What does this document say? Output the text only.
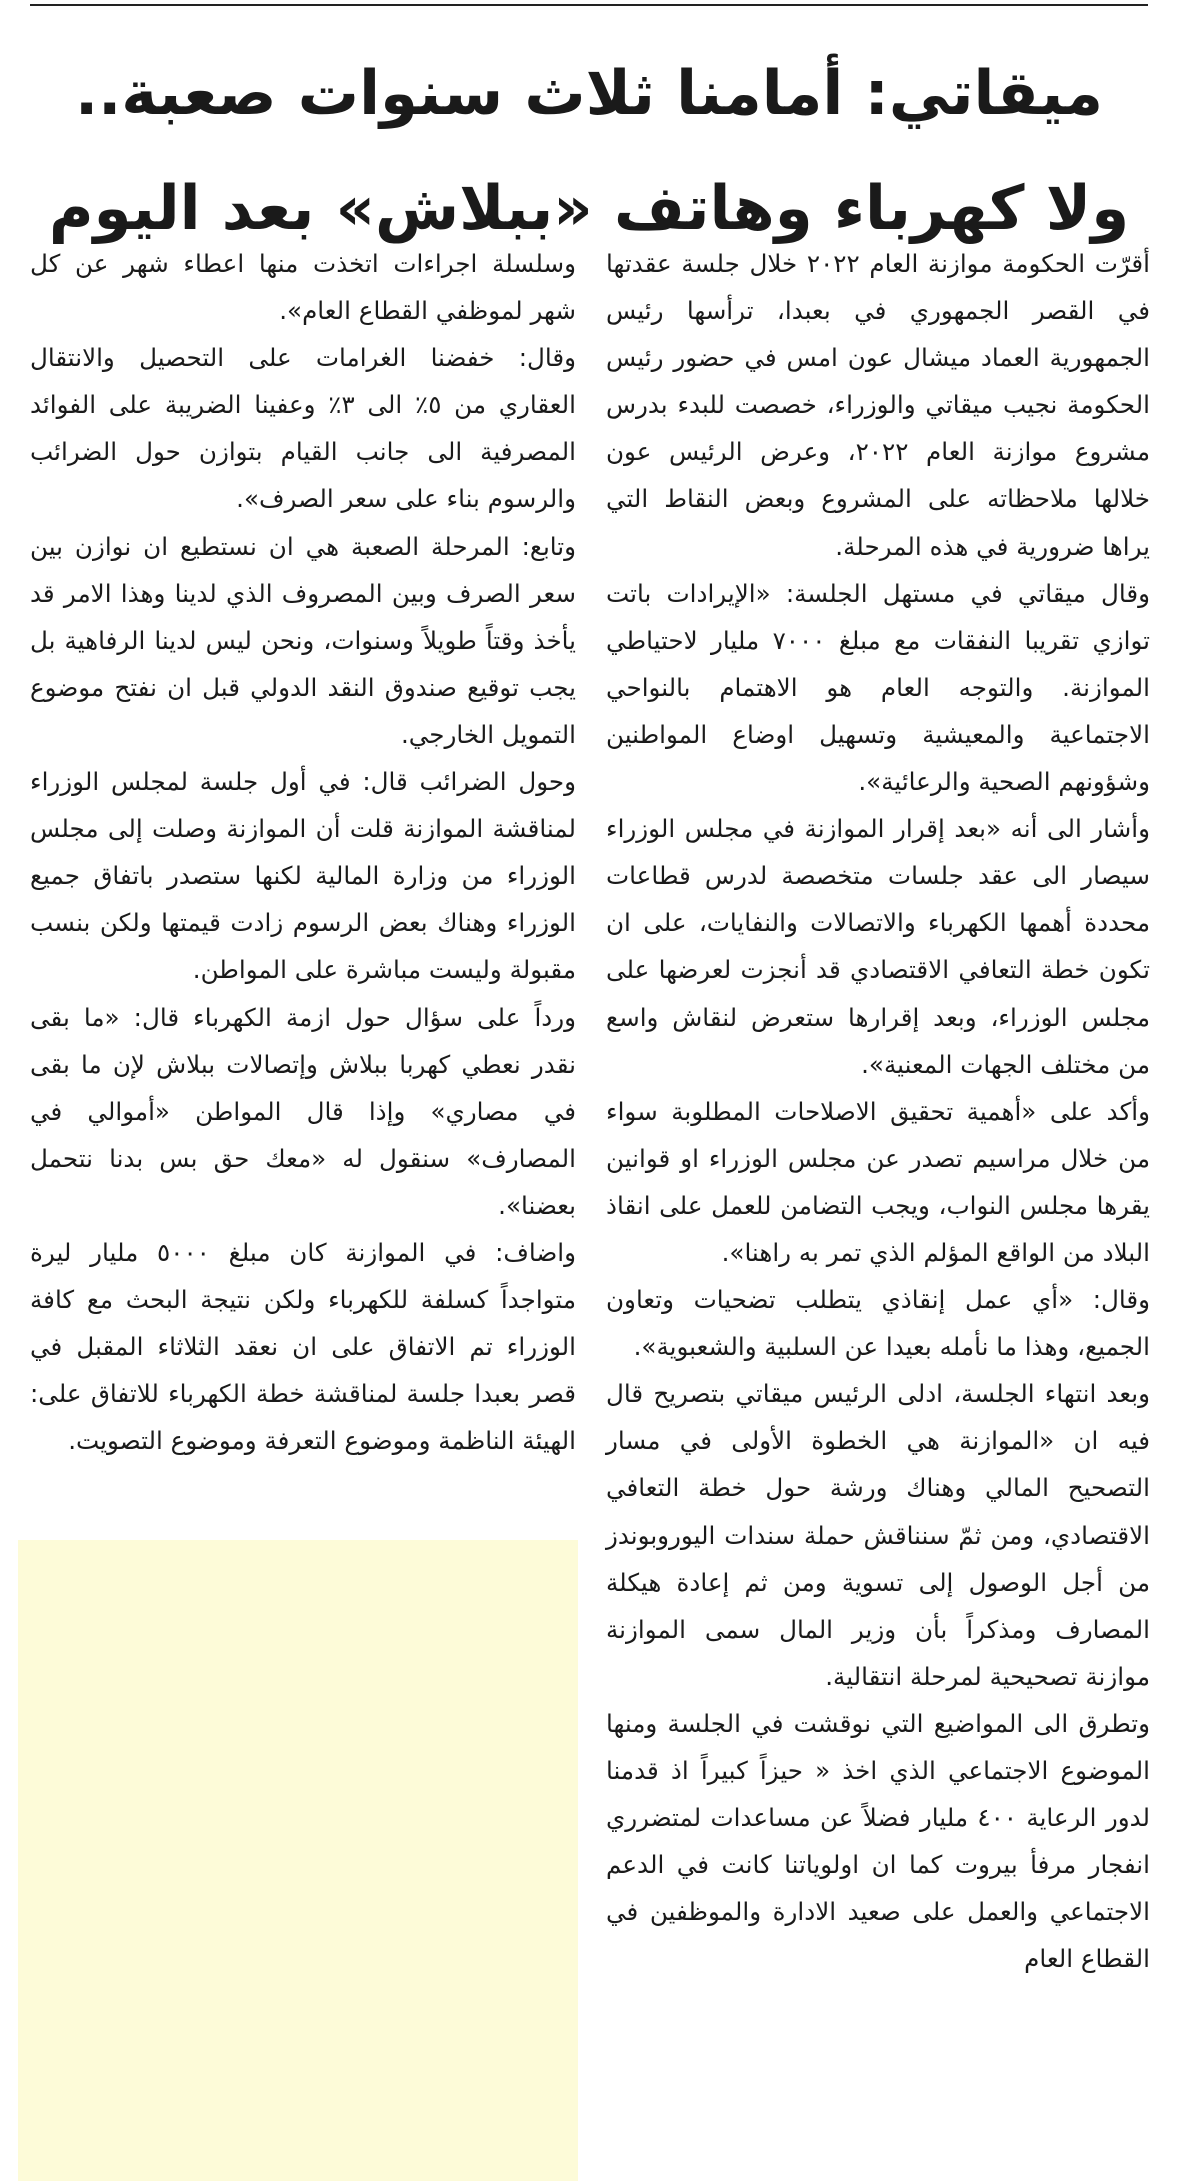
ميقاتي: أمامنا ثلاث سنوات صعبة..
ولا كهرباء وهاتف «ببلاش» بعد اليوم

أقرّت الحكومة موازنة العام ٢٠٢٢ خلال جلسة عقدتها في القصر الجمهوري في بعبدا، ترأسها رئيس الجمهورية العماد ميشال عون امس في حضور رئيس الحكومة نجيب ميقاتي والوزراء، خصصت للبدء بدرس مشروع موازنة العام ٢٠٢٢، وعرض الرئيس عون خلالها ملاحظاته على المشروع وبعض النقاط التي يراها ضرورية في هذه المرحلة.

وقال ميقاتي في مستهل الجلسة: «الإيرادات باتت توازي تقريبا النفقات مع مبلغ ٧٠٠٠ مليار لاحتياطي الموازنة. والتوجه العام هو الاهتمام بالنواحي الاجتماعية والمعيشية وتسهيل اوضاع المواطنين وشؤونهم الصحية والرعائية».

وأشار الى أنه «بعد إقرار الموازنة في مجلس الوزراء سيصار الى عقد جلسات متخصصة لدرس قطاعات محددة أهمها الكهرباء والاتصالات والنفايات، على ان تكون خطة التعافي الاقتصادي قد أنجزت لعرضها على مجلس الوزراء، وبعد إقرارها ستعرض لنقاش واسع من مختلف الجهات المعنية».

وأكد على «أهمية تحقيق الاصلاحات المطلوبة سواء من خلال مراسيم تصدر عن مجلس الوزراء او قوانين يقرها مجلس النواب، ويجب التضامن للعمل على انقاذ البلاد من الواقع المؤلم الذي تمر به راهنا».

وقال: «أي عمل إنقاذي يتطلب تضحيات وتعاون الجميع، وهذا ما نأمله بعيدا عن السلبية والشعبوية».

وبعد انتهاء الجلسة، ادلى الرئيس ميقاتي بتصريح قال فيه ان «الموازنة هي الخطوة الأولى في مسار التصحيح المالي وهناك ورشة حول خطة التعافي الاقتصادي، ومن ثمّ سنناقش حملة سندات اليوروبوندز من أجل الوصول إلى تسوية ومن ثم إعادة هيكلة المصارف ومذكراً بأن وزير المال سمى الموازنة موازنة تصحيحية لمرحلة انتقالية.

وتطرق الى المواضيع التي نوقشت في الجلسة ومنها الموضوع الاجتماعي الذي اخذ « حيزاً كبيراً اذ قدمنا لدور الرعاية ٤٠٠ مليار فضلاً عن مساعدات لمتضرري انفجار مرفأ بيروت كما ان اولوياتنا كانت في الدعم الاجتماعي والعمل على صعيد الادارة والموظفين في القطاع العام

وسلسلة اجراءات اتخذت منها اعطاء شهر عن كل شهر لموظفي القطاع العام».

وقال: خفضنا الغرامات على التحصيل والانتقال العقاري من ٥٪ الى ٣٪ وعفينا الضريبة على الفوائد المصرفية الى جانب القيام بتوازن حول الضرائب والرسوم بناء على سعر الصرف».

وتابع: المرحلة الصعبة هي ان نستطيع ان نوازن بين سعر الصرف وبين المصروف الذي لدينا وهذا الامر قد يأخذ وقتاً طويلاً وسنوات، ونحن ليس لدينا الرفاهية بل يجب توقيع صندوق النقد الدولي قبل ان نفتح موضوع التمويل الخارجي.

وحول الضرائب قال: في أول جلسة لمجلس الوزراء لمناقشة الموازنة قلت أن الموازنة وصلت إلى مجلس الوزراء من وزارة المالية لكنها ستصدر باتفاق جميع الوزراء وهناك بعض الرسوم زادت قيمتها ولكن بنسب مقبولة وليست مباشرة على المواطن.

ورداً على سؤال حول ازمة الكهرباء قال: «ما بقى نقدر نعطي كهربا ببلاش وإتصالات ببلاش لإن ما بقى في مصاري» وإذا قال المواطن «أموالي في المصارف» سنقول له «معك حق بس بدنا نتحمل بعضنا».

واضاف: في الموازنة كان مبلغ ٥٠٠٠ مليار ليرة متواجداً كسلفة للكهرباء ولكن نتيجة البحث مع كافة الوزراء تم الاتفاق على ان نعقد الثلاثاء المقبل في قصر بعبدا جلسة لمناقشة خطة الكهرباء للاتفاق على: الهيئة الناظمة وموضوع التعرفة وموضوع التصويت.
